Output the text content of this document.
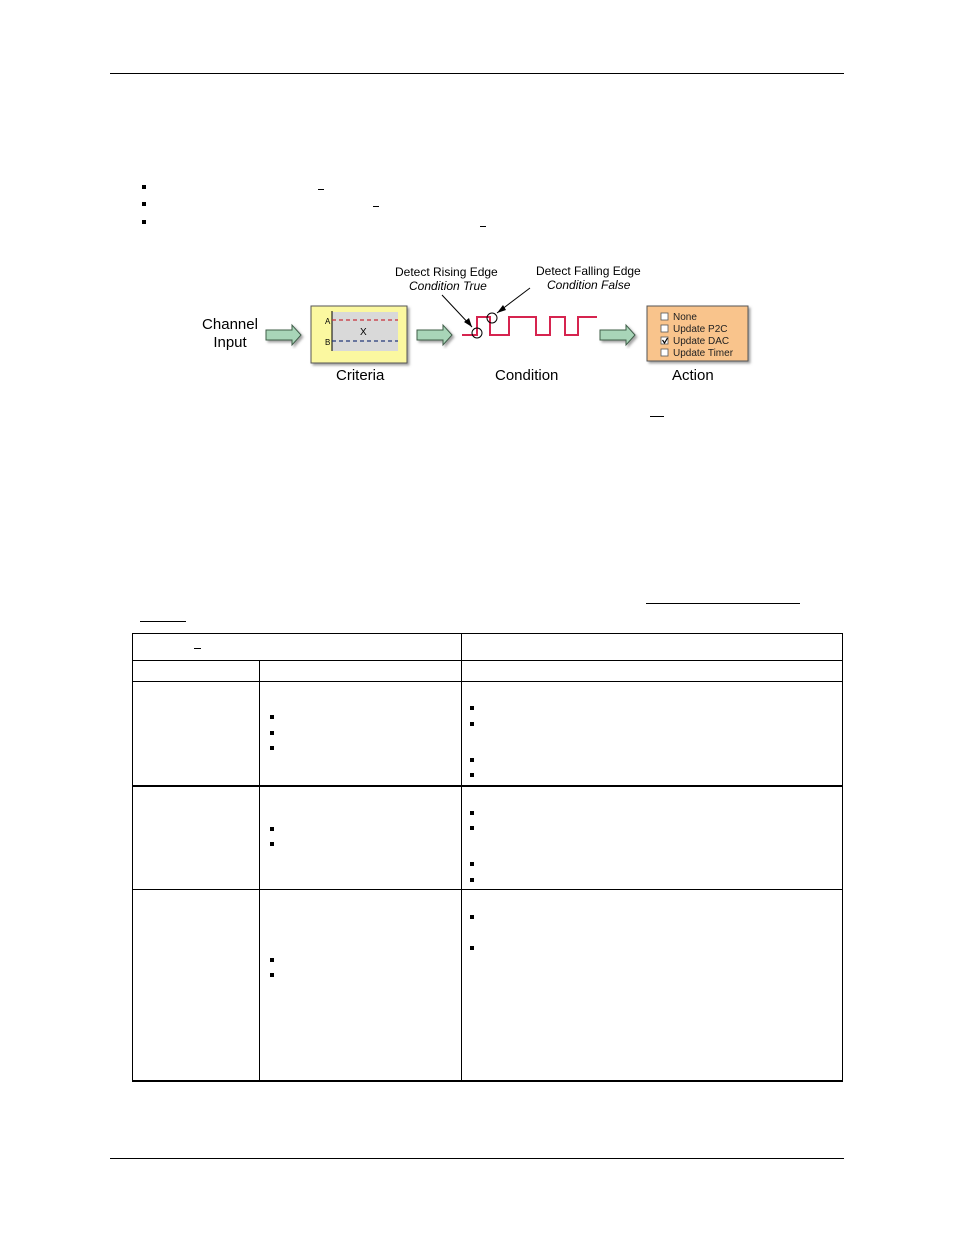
Channel
Input
A
B
X
None
Update P2C
Update DAC
Update Timer
Detect Rising Edge
Condition True
Detect Falling Edge
Condition False
Criteria	Condition	Action
